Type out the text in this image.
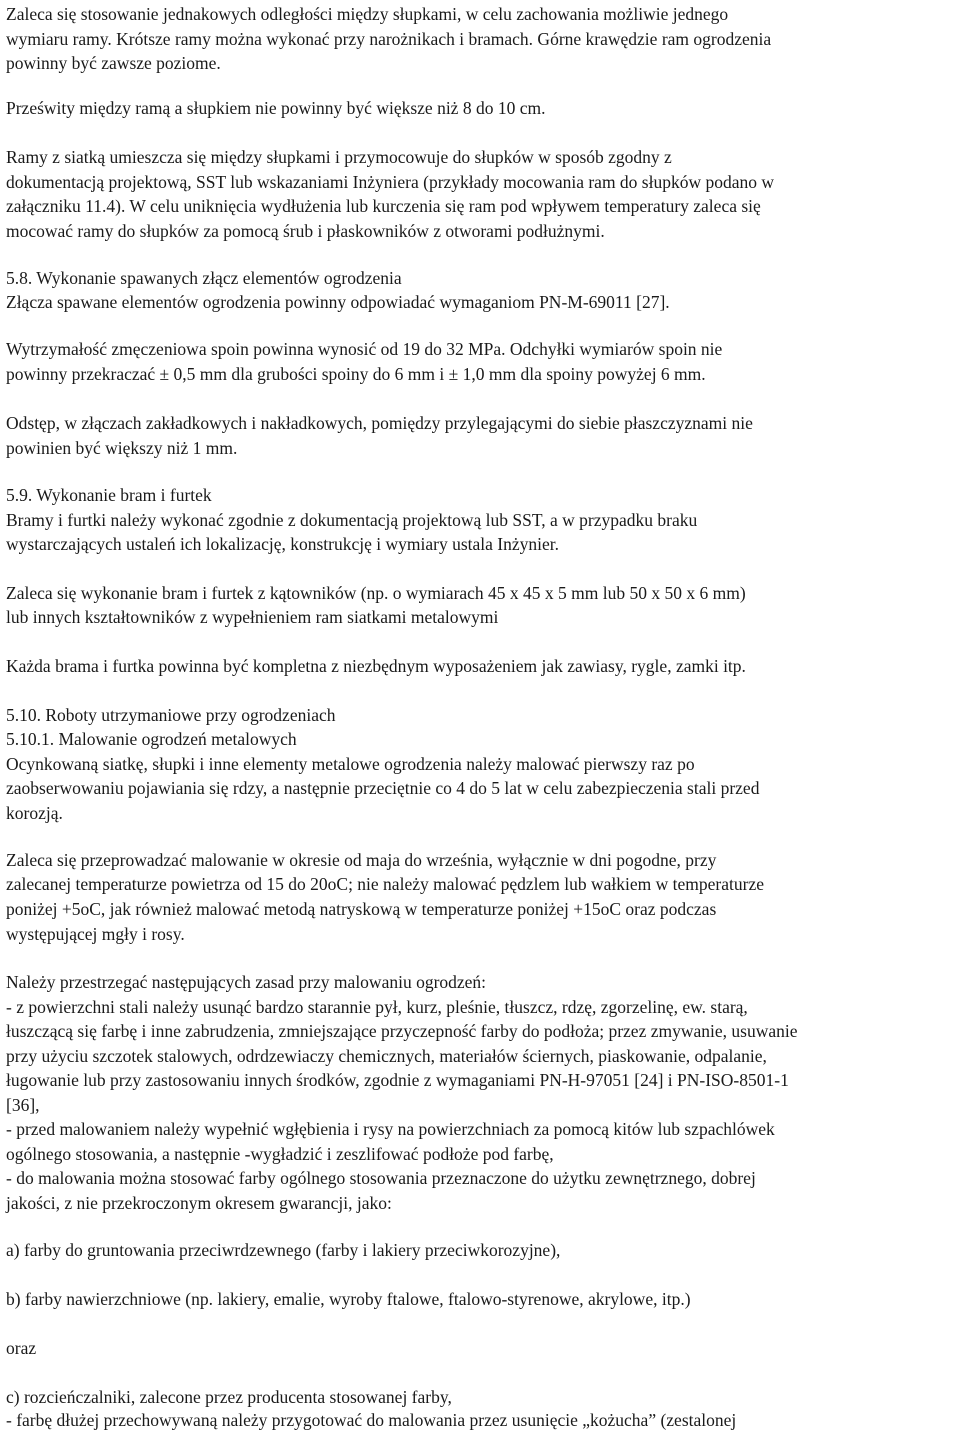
Zaleca się stosowanie jednakowych odległości między słupkami, w celu zachowania możliwie jednego
wymiaru ramy. Krótsze ramy można wykonać przy narożnikach i bramach. Górne krawędzie ram ogrodzenia
powinny być zawsze poziome.
Prześwity między ramą a słupkiem nie powinny być większe niż 8 do 10 cm.
Ramy z siatką umieszcza się między słupkami i przymocowuje do słupków w sposób zgodny z
dokumentacją projektową, SST lub wskazaniami Inżyniera (przykłady mocowania ram do słupków podano w
załączniku 11.4). W celu uniknięcia wydłużenia lub kurczenia się ram pod wpływem temperatury zaleca się
mocować ramy do słupków za pomocą śrub i płaskowników z otworami podłużnymi.
5.8. Wykonanie spawanych złącz elementów ogrodzenia
Złącza spawane elementów ogrodzenia powinny odpowiadać wymaganiom PN-M-69011 [27].
Wytrzymałość zmęczeniowa spoin powinna wynosić od 19 do 32 MPa. Odchyłki wymiarów spoin nie
powinny przekraczać ± 0,5 mm dla grubości spoiny do 6 mm i ± 1,0 mm dla spoiny powyżej 6 mm.
Odstęp, w złączach zakładkowych i nakładkowych, pomiędzy przylegającymi do siebie płaszczyznami nie
powinien być większy niż 1 mm.
5.9. Wykonanie bram i furtek
Bramy i furtki należy wykonać zgodnie z dokumentacją projektową lub SST, a w przypadku braku
wystarczających ustaleń ich lokalizację, konstrukcję i wymiary ustala Inżynier.
Zaleca się wykonanie bram i furtek z kątowników (np. o wymiarach 45 x 45 x 5 mm lub 50 x 50 x 6 mm)
lub innych kształtowników z wypełnieniem ram siatkami metalowymi
Każda brama i furtka powinna być kompletna z niezbędnym wyposażeniem jak zawiasy, rygle, zamki itp.
5.10. Roboty utrzymaniowe przy ogrodzeniach
5.10.1. Malowanie ogrodzeń metalowych
Ocynkowaną siatkę, słupki i inne elementy metalowe ogrodzenia należy malować pierwszy raz po
zaobserwowaniu pojawiania się rdzy, a następnie przeciętnie co 4 do 5 lat w celu zabezpieczenia stali przed
korozją.
Zaleca się przeprowadzać malowanie w okresie od maja do września, wyłącznie w dni pogodne, przy
zalecanej temperaturze powietrza od 15 do 20oC; nie należy malować pędzlem lub wałkiem w temperaturze
poniżej +5oC, jak również malować metodą natryskową w temperaturze poniżej +15oC oraz podczas
występującej mgły i rosy.
Należy przestrzegać następujących zasad przy malowaniu ogrodzeń:
- z powierzchni stali należy usunąć bardzo starannie pył, kurz, pleśnie, tłuszcz, rdzę, zgorzelinę, ew. starą,
łuszczącą się farbę i inne zabrudzenia, zmniejszające przyczepność farby do podłoża; przez zmywanie, usuwanie
przy użyciu szczotek stalowych, odrdzewiaczy chemicznych, materiałów ściernych, piaskowanie, odpalanie,
ługowanie lub przy zastosowaniu innych środków, zgodnie z wymaganiami PN-H-97051 [24] i PN-ISO-8501-1
[36],
- przed malowaniem należy wypełnić wgłębienia i rysy na powierzchniach za pomocą kitów lub szpachlówek
ogólnego stosowania, a następnie -wygładzić i zeszlifować podłoże pod farbę,
- do malowania można stosować farby ogólnego stosowania przeznaczone do użytku zewnętrznego, dobrej
jakości, z nie przekroczonym okresem gwarancji, jako:
a) farby do gruntowania przeciwrdzewnego (farby i lakiery przeciwkorozyjne),
b) farby nawierzchniowe (np. lakiery, emalie, wyroby ftalowe, ftalowo-styrenowe, akrylowe, itp.)
oraz
c) rozcieńczalniki, zalecone przez producenta stosowanej farby,
- farbę dłużej przechowywaną należy przygotować do malowania przez usunięcie „kożucha” (zestalonej
